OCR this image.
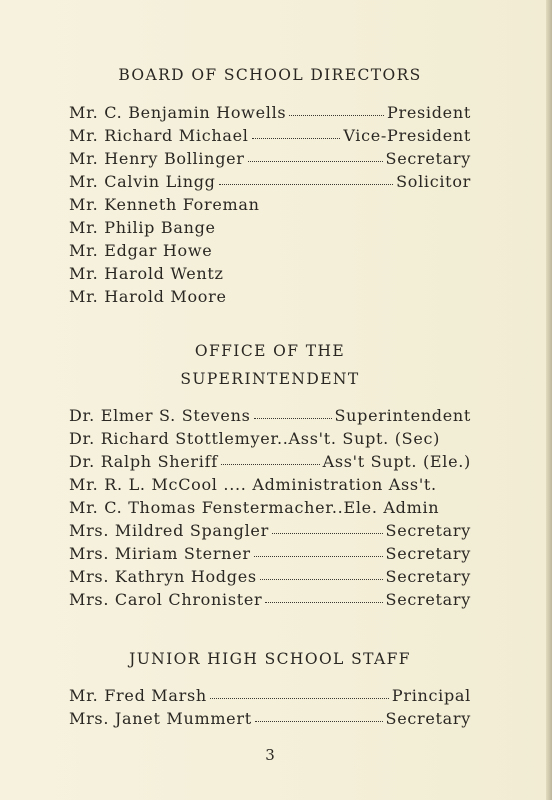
BOARD OF SCHOOL DIRECTORS
Mr. C. Benjamin Howells	President
Mr. Richard Michael	Vice-President
Mr. Henry Bollinger	Secretary
Mr. Calvin Lingg	Solicitor
Mr. Kenneth Foreman
Mr. Philip Bange
Mr. Edgar Howe
Mr. Harold Wentz
Mr. Harold Moore
OFFICE OF THE
SUPERINTENDENT
Dr. Elmer S. Stevens	Superintendent
Dr. Richard Stottlemyer..Ass't. Supt. (Sec)
Dr. Ralph Sheriff	Ass't Supt. (Ele.)
Mr. R. L. McCool .... Administration Ass't.
Mr. C. Thomas Fenstermacher..Ele. Admin
Mrs. Mildred Spangler	Secretary
Mrs. Miriam Sterner	Secretary
Mrs. Kathryn Hodges	Secretary
Mrs. Carol Chronister	Secretary
JUNIOR HIGH SCHOOL STAFF
Mr. Fred Marsh	Principal
Mrs. Janet Mummert	Secretary
3
